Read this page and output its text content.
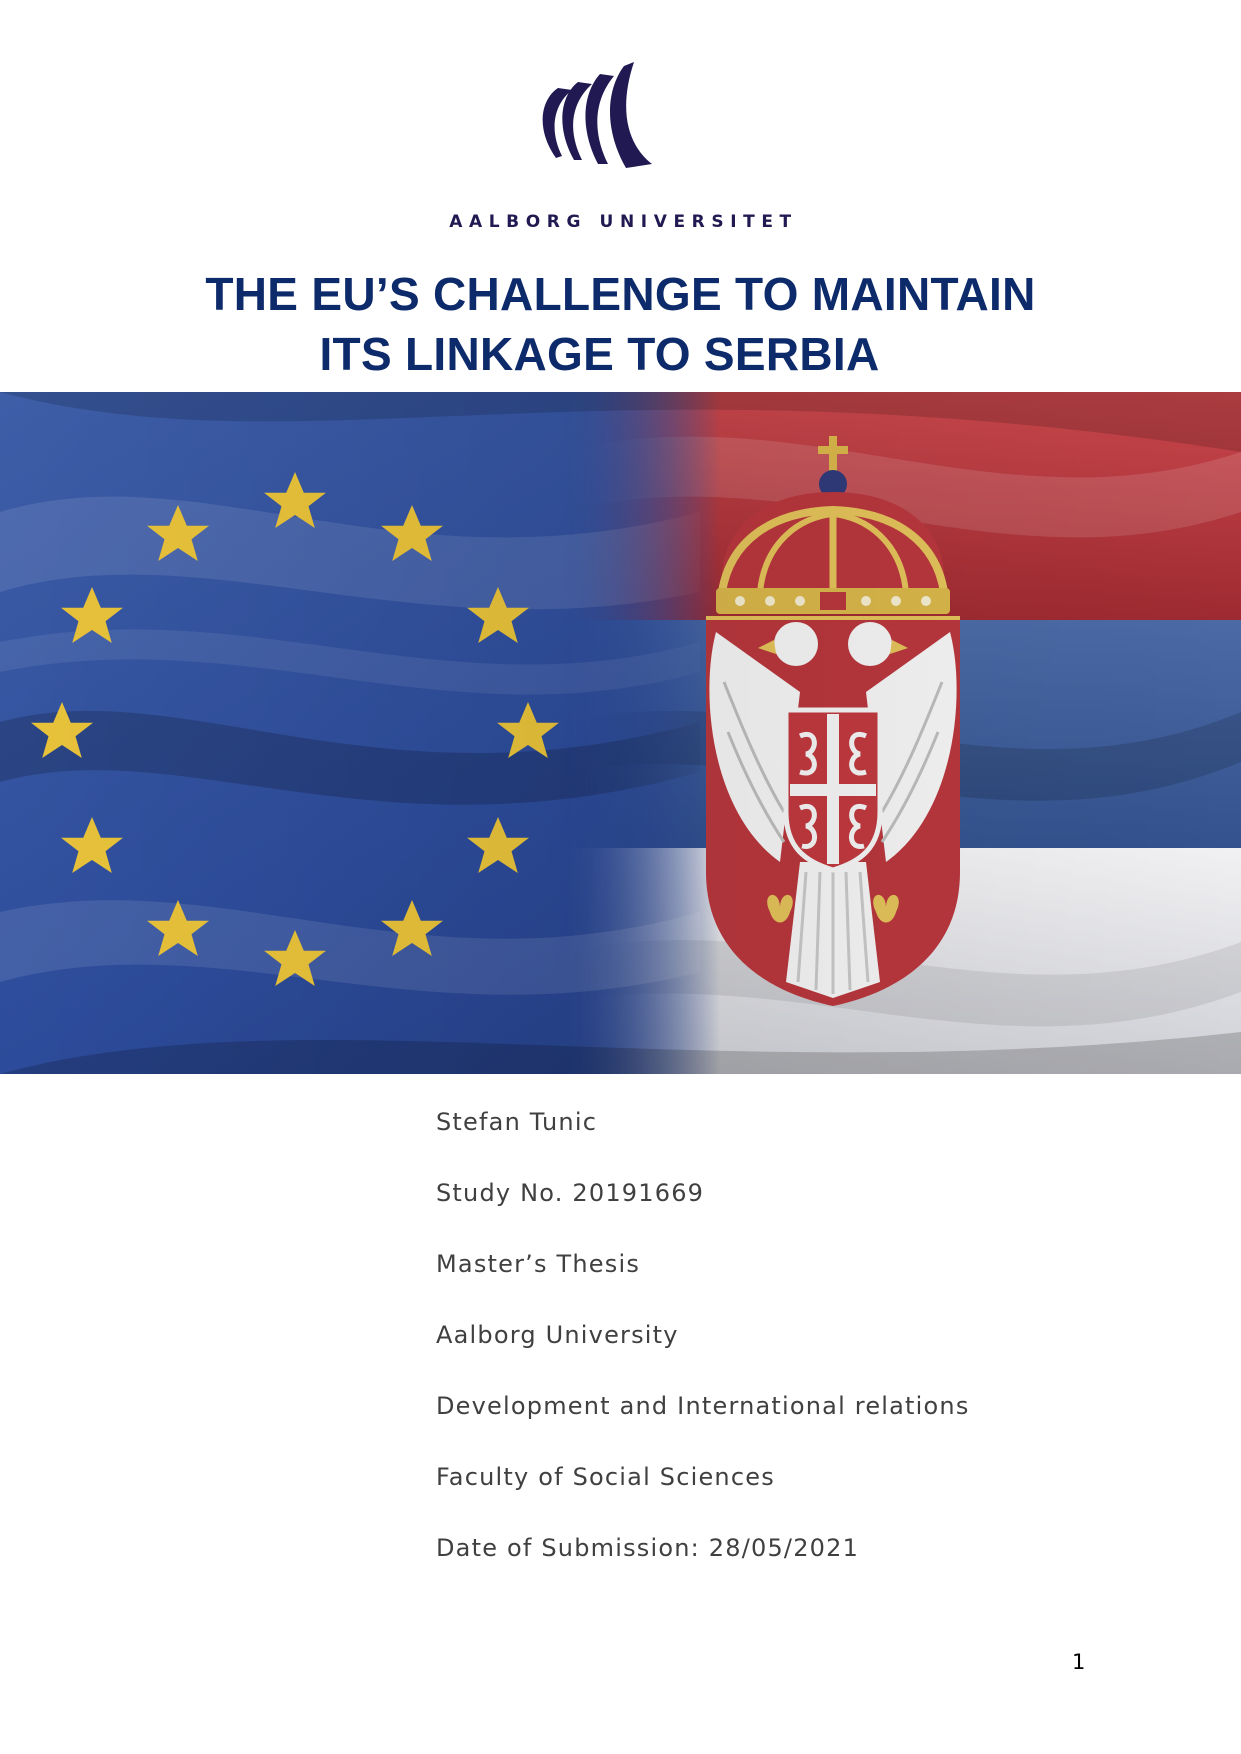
AALBORG UNIVERSITET
THE EU’S CHALLENGE TO MAINTAIN
ITS LINKAGE TO SERBIA
Stefan Tunic
Study No. 20191669
Master’s Thesis
Aalborg University
Development and International relations
Faculty of Social Sciences
Date of Submission: 28/05/2021
1
